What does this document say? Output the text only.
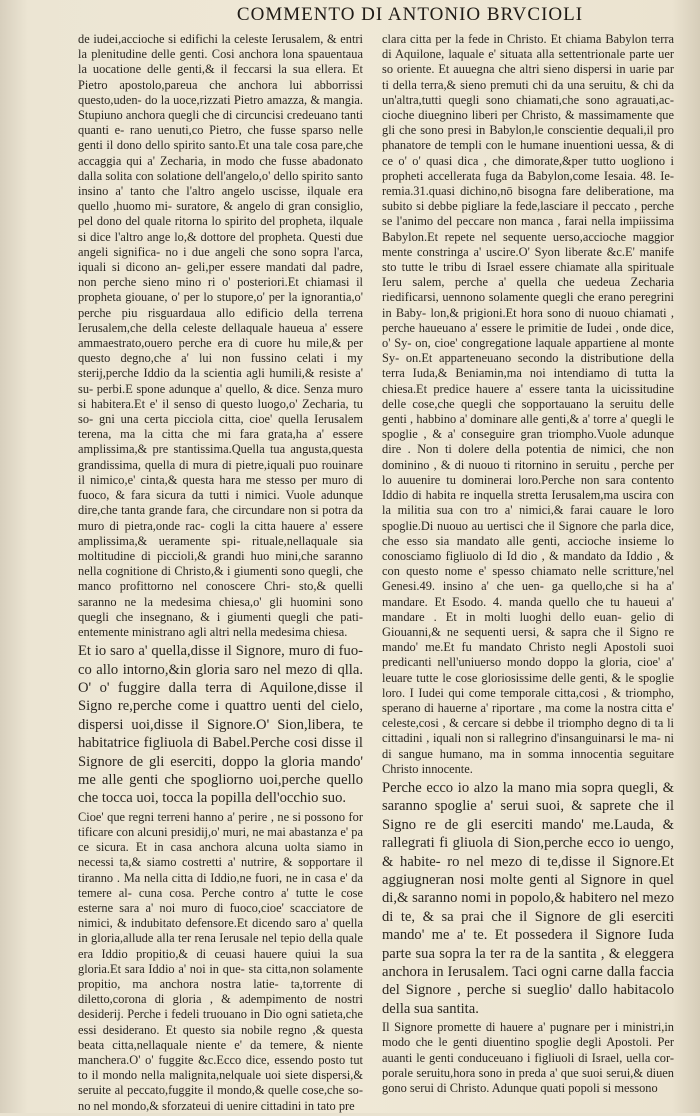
COMMENTO DI ANTONIO BRVCIOLI

de iudei,accioche si edifichi la celeste Ierusalem, & entri la plenitudine delle genti. Cosi anchora lona spauentaua la uocatione delle genti,& il feccarsi la sua ellera. Et Pietro apostolo,pareua che anchora lui abborrissi questo,uden- do la uoce,rizzati Pietro amazza, & mangia. Stupiuno anchora quegli che di circuncisi credeuano tanti quanti e- rano uenuti,co Pietro, che fusse sparso nelle genti il dono dello spirito santo.Et una tale cosa pare,che accaggia qui a' Zecharia, in modo che fusse abadonato dalla solita con solatione dell'angelo,o' dello spirito santo insino a' tanto che l'altro angelo uscisse, ilquale era quello ,huomo mi- suratore, & angelo di gran consiglio, pel dono del quale ritorna lo spirito del propheta, ilquale si dice l'altro ange lo,& dottore del propheta. Questi due angeli significa- no i due angeli che sono sopra l'arca, iquali si dicono an- geli,per essere mandati dal padre, non perche sieno mino ri o' posteriori.Et chiamasi il propheta giouane, o' per lo stupore,o' per la ignorantia,o' perche piu risguardaua allo edificio della terrena Ierusalem,che della celeste dellaquale haueua a' essere ammaestrato,ouero perche era di cuore hu mile,& per questo degno,che a' lui non fussino celati i my sterij,perche Iddio da la scientia agli humili,& resiste a' su- perbi.E spone adunque a' quello, & dice. Senza muro si habitera.Et e' il senso di questo luogo,o' Zecharia, tu so- gni una certa picciola citta, cioe' quella Ierusalem terena, ma la citta che mi fara grata,ha a' essere amplissima,& pre stantissima.Quella tua angusta,questa grandissima, quella di mura di pietre,iquali puo rouinare il nimico,e' cinta,& questa hara me stesso per muro di fuoco, & fara sicura da tutti i nimici. Vuole adunque dire,che tanta grande fara, che circundare non si potra da muro di pietra,onde rac- cogli la citta hauere a' essere amplissima,& ueramente spi- rituale,nellaquale sia moltitudine di piccioli,& grandi huo mini,che saranno nella cognitione di Christo,& i giumenti sono quegli, che manco profittorno nel conoscere Chri- sto,& quelli saranno ne la medesima chiesa,o' gli huomini sono quegli che insegnano, & i giumenti quegli che pati- entemente ministrano agli altri nella medesima chiesa.

Et io saro a' quella,disse il Signore, muro di fuo- co allo intorno,&in gloria saro nel mezo di qlla. O' o' fuggire dalla terra di Aquilone,disse il Signo re,perche come i quattro uenti del cielo, dispersi uoi,disse il Signore.O' Sion,libera, te habitatrice figliuola di Babel.Perche cosi disse il Signore de gli eserciti, doppo la gloria mando' me alle genti che spogliorno uoi,perche quello che tocca uoi, tocca la popilla dell'occhio suo.

Cioe' que regni terreni hanno a' perire , ne si possono for tificare con alcuni presidij,o' muri, ne mai abastanza e' pa ce sicura. Et in casa anchora alcuna uolta siamo in necessi ta,& siamo costretti a' nutrire, & sopportare il tiranno . Ma nella citta di Iddio,ne fuori, ne in casa e' da temere al- cuna cosa. Perche contro a' tutte le cose esterne sara a' noi muro di fuoco,cioe' scacciatore de nimici, & indubitato defensore.Et dicendo saro a' quella in gloria,allude alla ter rena Ierusale nel tepio della quale era Iddio propitio,& di ceuasi hauere quiui la sua gloria.Et sara Iddio a' noi in que- sta citta,non solamente propitio, ma anchora nostra latie- ta,torrente di diletto,corona di gloria , & adempimento de nostri desiderij. Perche i fedeli truouano in Dio ogni satieta,che essi desiderano. Et questo sia nobile regno ,& questa beata citta,nellaquale niente e' da temere, & niente manchera.O' o' fuggite &c.Ecco dice, essendo posto tut to il mondo nella malignita,nelquale uoi siete dispersi,& seruite al peccato,fuggite il mondo,& quelle cose,che so- no nel mondo,& sforzateui di uenire cittadini in tato pre

clara citta per la fede in Christo. Et chiama Babylon terra di Aquilone, laquale e' situata alla settentrionale parte uer so oriente. Et auuegna che altri sieno dispersi in uarie par ti della terra,& sieno premuti chi da una seruitu, & chi da un'altra,tutti quegli sono chiamati,che sono agrauati,ac- cioche diuegnino liberi per Christo, & massimamente que gli che sono presi in Babylon,le conscientie dequali,il pro phanatore de templi con le humane inuentioni uessa, & di ce o' o' quasi dica , che dimorate,&per tutto uogliono i propheti accellerata fuga da Babylon,come Iesaia. 48. Ie- remia.31.quasi dichino,nō bisogna fare deliberatione, ma subito si debbe pigliare la fede,lasciare il peccato , perche se l'animo del peccare non manca , farai nella impiissima Babylon.Et repete nel sequente uerso,accioche maggior mente constringa a' uscire.O' Syon liberate &c.E' manife sto tutte le tribu di Israel essere chiamate alla spirituale Ieru salem, perche a' quella che uedeua Zecharia riedificarsi, uennono solamente quegli che erano peregrini in Baby- lon,& prigioni.Et hora sono di nuouo chiamati , perche haueuano a' essere le primitie de Iudei , onde dice, o' Sy- on, cioe' congregatione laquale appartiene al monte Sy- on.Et apparteneuano secondo la distributione della terra Iuda,& Beniamin,ma noi intendiamo di tutta la chiesa.Et predice hauere a' essere tanta la uicissitudine delle cose,che quegli che sopportauano la seruitu delle genti , habbino a' dominare alle genti,& a' torre a' quegli le spoglie , & a' conseguire gran triompho.Vuole adunque dire . Non ti dolere della potentia de nimici, che non dominino , & di nuouo ti ritornino in seruitu , perche per lo auuenire tu dominerai loro.Perche non sara contento Iddio di habita re inquella stretta Ierusalem,ma uscira con la militia sua con tro a' nimici,& farai cauare le loro spoglie.Di nuouo au uertisci che il Signore che parla dice, che esso sia mandato alle genti, accioche insieme lo conosciamo figliuolo di Id dio , & mandato da Iddio , & con questo nome e' spesso chiamato nelle scritture,'nel Genesi.49. insino a' che uen- ga quello,che si ha a' mandare. Et Esodo. 4. manda quello che tu haueui a' mandare . Et in molti luoghi dello euan- gelio di Giouanni,& ne sequenti uersi, & sapra che il Signo re mando' me.Et fu mandato Christo negli Apostoli suoi predicanti nell'uniuerso mondo doppo la gloria, cioe' a' leuare tutte le cose gloriosissime delle genti, & le spoglie loro. I Iudei qui come temporale citta,cosi , & triompho, sperano di hauerne a' riportare , ma come la nostra citta e' celeste,cosi , & cercare si debbe il triompho degno di ta li cittadini , iquali non si rallegrino d'insanguinarsi le ma- ni di sangue humano, ma in somma innocentia seguitare Christo innocente.

Perche ecco io alzo la mano mia sopra quegli, & saranno spoglie a' serui suoi, & saprete che il Signo re de gli eserciti mando' me.Lauda, & rallegrati fi gliuola di Sion,perche ecco io uengo, & habite- ro nel mezo di te,disse il Signore.Et aggiugneran nosi molte genti al Signore in quel di,& saranno nomi in popolo,& habitero nel mezo di te, & sa prai che il Signore de gli eserciti mando' me a' te. Et possedera il Signore Iuda parte sua sopra la ter ra de la santita , & eleggera anchora in Ierusalem. Taci ogni carne dalla faccia del Signore , perche si sueglio' dallo habitacolo della sua santita.

Il Signore promette di hauere a' pugnare per i ministri,in modo che le genti diuentino spoglie degli Apostoli. Per auanti le genti conduceuano i figliuoli di Israel, uella cor- porale seruitu,hora sono in preda a' que suoi serui,& diuen gono serui di Christo. Adunque quati popoli si messono
